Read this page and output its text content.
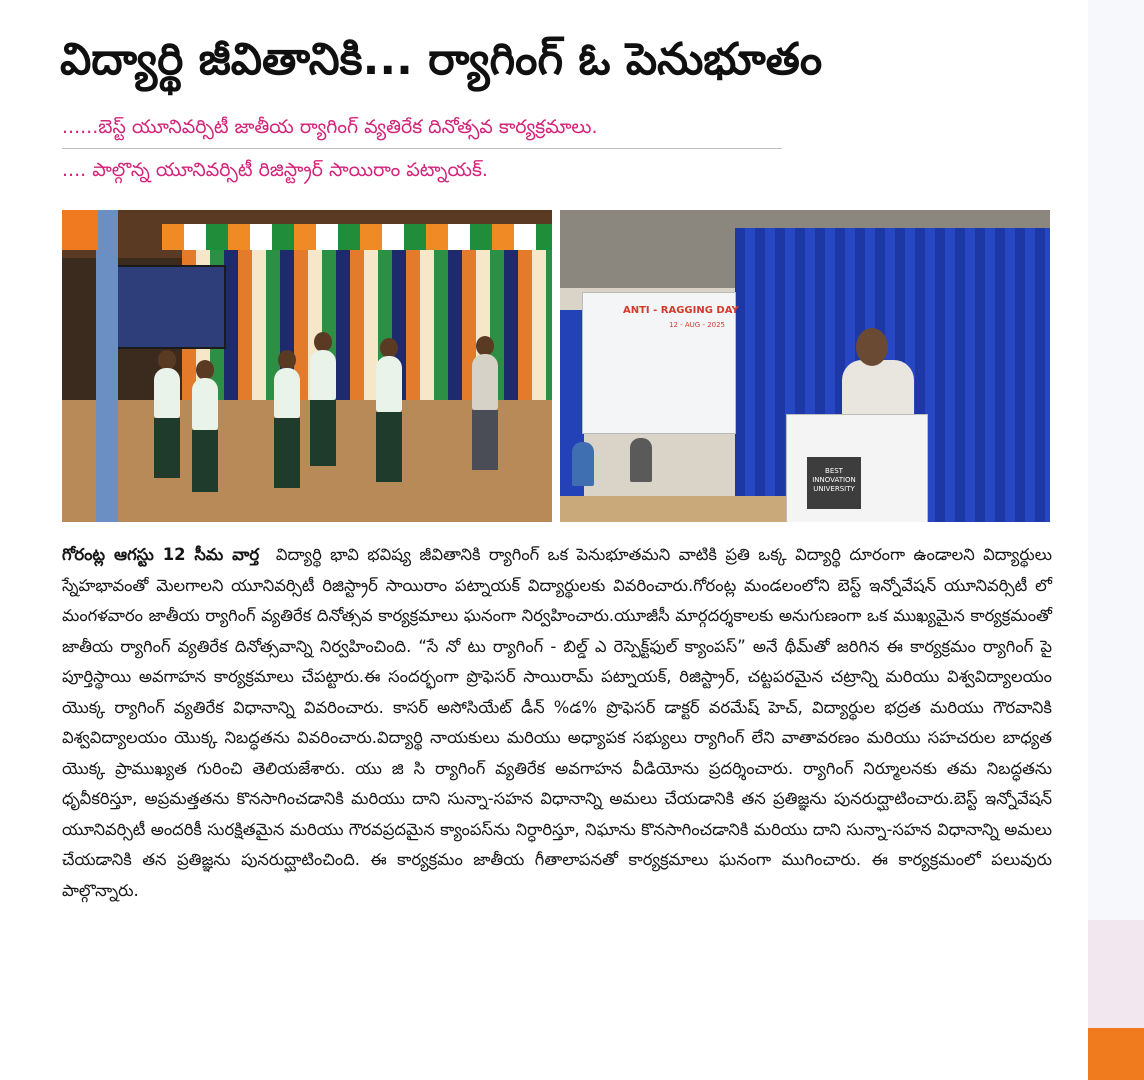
విద్యార్థి జీవితానికి... ర్యాగింగ్ ఓ పెనుభూతం
......బెస్ట్ యూనివర్సిటీ జాతీయ ర్యాగింగ్ వ్యతిరేక దినోత్సవ కార్యక్రమాలు.
.... పాల్గొన్న యూనివర్సిటీ రిజిస్ట్రార్ సాయిరాం పట్నాయక్.
ANTI - RAGGING DAY
12 - AUG - 2025
BEST INNOVATION UNIVERSITY
గోరంట్ల ఆగస్టు 12 సీమ వార్త విద్యార్థి భావి భవిష్య జీవితానికి ర్యాగింగ్ ఒక పెనుభూతమని వాటికి ప్రతి ఒక్క విద్యార్థి దూరంగా ఉండాలని విద్యార్థులు స్నేహభావంతో మెలగాలని యూనివర్సిటీ రిజిస్ట్రార్ సాయిరాం పట్నాయక్ విద్యార్థులకు వివరించారు.గోరంట్ల మండలంలోని బెస్ట్ ఇన్నోవేషన్ యూనివర్సిటీ లో మంగళవారం జాతీయ ర్యాగింగ్ వ్యతిరేక దినోత్సవ కార్యక్రమాలు ఘనంగా నిర్వహించారు.యూజీసీ మార్గదర్శకాలకు అనుగుణంగా ఒక ముఖ్యమైన కార్యక్రమంతో జాతీయ ర్యాగింగ్ వ్యతిరేక దినోత్సవాన్ని నిర్వహించింది. “సే నో టు ర్యాగింగ్ - బిల్డ్ ఎ రెస్పెక్ట్‌ఫుల్ క్యాంపస్” అనే థీమ్‌తో జరిగిన ఈ కార్యక్రమం ర్యాగింగ్ పై పూర్తిస్థాయి అవగాహన కార్యక్రమాలు చేపట్టారు.ఈ సందర్భంగా ప్రొఫెసర్ సాయిరామ్ పట్నాయక్, రిజిస్ట్రార్, చట్టపరమైన చట్రాన్ని మరియు విశ్వవిద్యాలయం యొక్క ర్యాగింగ్ వ్యతిరేక విధానాన్ని వివరించారు. కాసర్ అసోసియేట్ డీన్ %డ% ప్రొఫెసర్ డాక్టర్ వరమేష్ హెచ్, విద్యార్థుల భద్రత మరియు గౌరవానికి విశ్వవిద్యాలయం యొక్క నిబద్ధతను వివరించారు.విద్యార్థి నాయకులు మరియు అధ్యాపక సభ్యులు ర్యాగింగ్ లేని వాతావరణం మరియు సహచరుల బాధ్యత యొక్క ప్రాముఖ్యత గురించి తెలియజేశారు. యు జి సి ర్యాగింగ్ వ్యతిరేక అవగాహన వీడియోను ప్రదర్శించారు. ర్యాగింగ్ నిర్మూలనకు తమ నిబద్ధతను ధృవీకరిస్తూ, అప్రమత్తతను కొనసాగించడానికి మరియు దాని సున్నా-సహన విధానాన్ని అమలు చేయడానికి తన ప్రతిజ్ఞను పునరుద్ఘాటించారు.బెస్ట్ ఇన్నోవేషన్ యూనివర్సిటీ అందరికీ సురక్షితమైన మరియు గౌరవప్రదమైన క్యాంపస్‌ను నిర్ధారిస్తూ, నిఘాను కొనసాగించడానికి మరియు దాని సున్నా-సహన విధానాన్ని అమలు చేయడానికి తన ప్రతిజ్ఞను పునరుద్ఘాటించింది. ఈ కార్యక్రమం జాతీయ గీతాలాపనతో కార్యక్రమాలు ఘనంగా ముగించారు. ఈ కార్యక్రమంలో పలువురు పాల్గొన్నారు.
